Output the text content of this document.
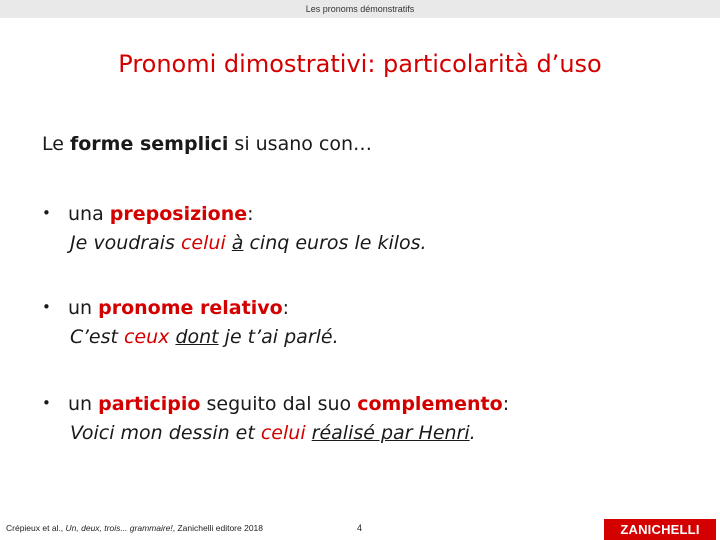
Les pronoms démonstratifs
Pronomi dimostrativi: particolarità d’uso
Le forme semplici si usano con…
• una preposizione:
Je voudrais celui à cinq euros le kilos.
• un pronome relativo:
C’est ceux dont je t’ai parlé.
• un participio seguito dal suo complemento:
Voici mon dessin et celui réalisé par Henri.
Crépieux et al., Un, deux, trois... grammaire!, Zanichelli editore 2018	4	ZANICHELLI
